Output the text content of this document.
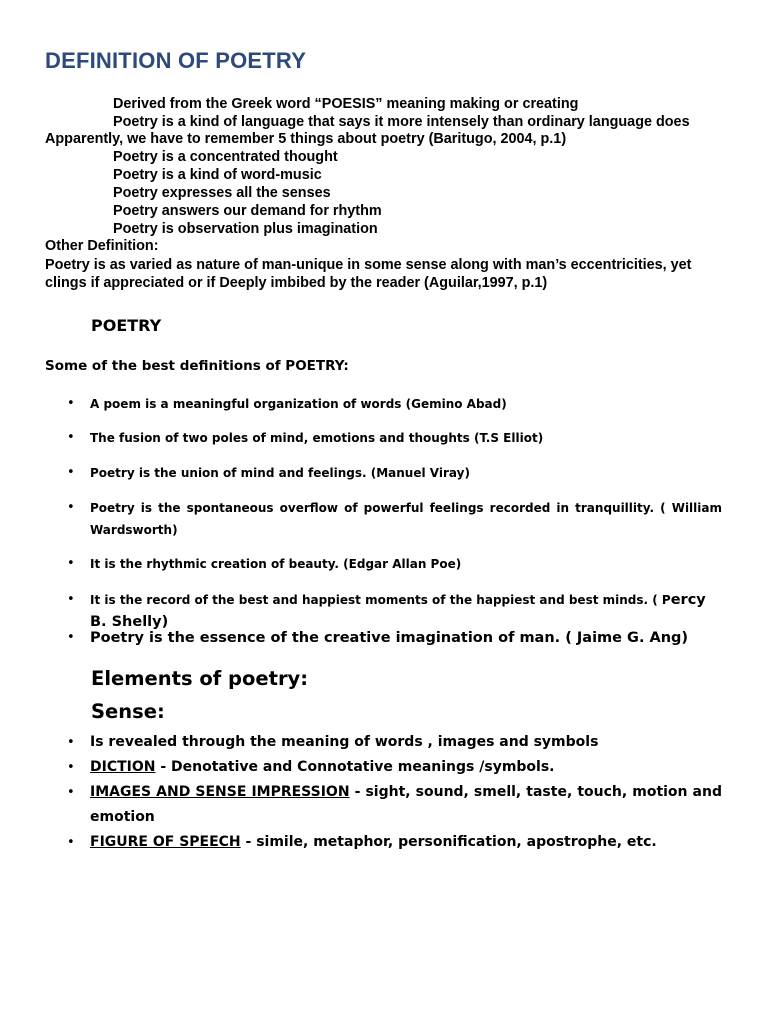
DEFINITION OF POETRY
Derived from the Greek word “POESIS” meaning making or creating
Poetry is a kind of language that says it more intensely than ordinary language does
Apparently, we have to remember 5 things about poetry (Baritugo, 2004, p.1)
Poetry is a concentrated thought
Poetry is a kind of word-music
Poetry expresses all the senses
Poetry answers our demand for rhythm
Poetry is observation plus imagination
Other Definition:
Poetry is as varied as nature of man-unique in some sense along with man’s eccentricities, yet clings if appreciated or if Deeply imbibed by the reader (Aguilar,1997, p.1)
POETRY
Some of the best definitions of POETRY:
• A poem is a meaningful organization of words (Gemino Abad)
• The fusion of two poles of mind, emotions and thoughts (T.S Elliot)
• Poetry is the union of mind and feelings. (Manuel Viray)
• Poetry is the spontaneous overflow of powerful feelings recorded in tranquillity. ( William Wardsworth)
• It is the rhythmic creation of beauty. (Edgar Allan Poe)
• It is the record of the best and happiest moments of the happiest and best minds. ( Percy B. Shelly)
• Poetry is the essence of the creative imagination of man. ( Jaime G. Ang)
Elements of poetry:
Sense:
• Is revealed through the meaning of words , images and symbols
• DICTION - Denotative and Connotative meanings /symbols.
• IMAGES AND SENSE IMPRESSION - sight, sound, smell, taste, touch, motion and emotion
• FIGURE OF SPEECH - simile, metaphor, personification, apostrophe, etc.
